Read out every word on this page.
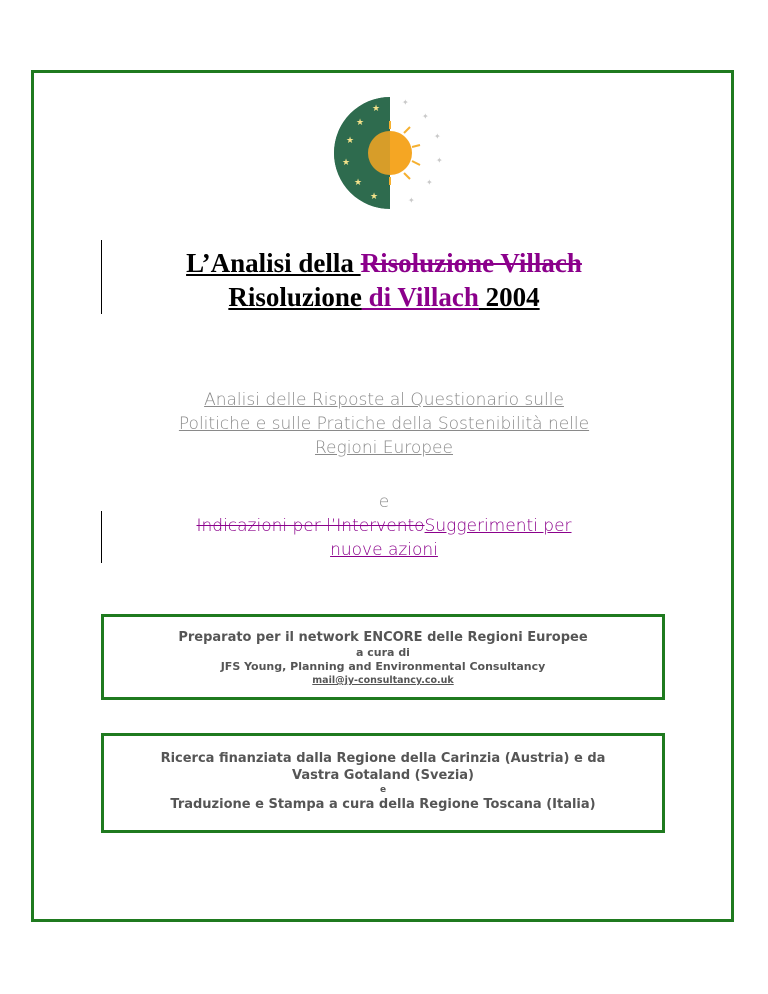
★
★
★
★
★
★
✦
✦
✦
✦
✦
✦
L’Analisi della Risoluzione Villach
Risoluzione di Villach 2004
Analisi delle Risposte al Questionario sulle
Politiche e sulle Pratiche della Sostenibilità nelle
Regioni Europee
e
Indicazioni per l’InterventoSuggerimenti per
nuove azioni
Preparato per il network ENCORE delle Regioni Europee
a cura di
JFS Young, Planning and Environmental Consultancy
mail@jy-consultancy.co.uk
Ricerca finanziata dalla Regione della Carinzia (Austria) e da
Vastra Gotaland (Svezia)
e
Traduzione e Stampa a cura della Regione Toscana (Italia)
